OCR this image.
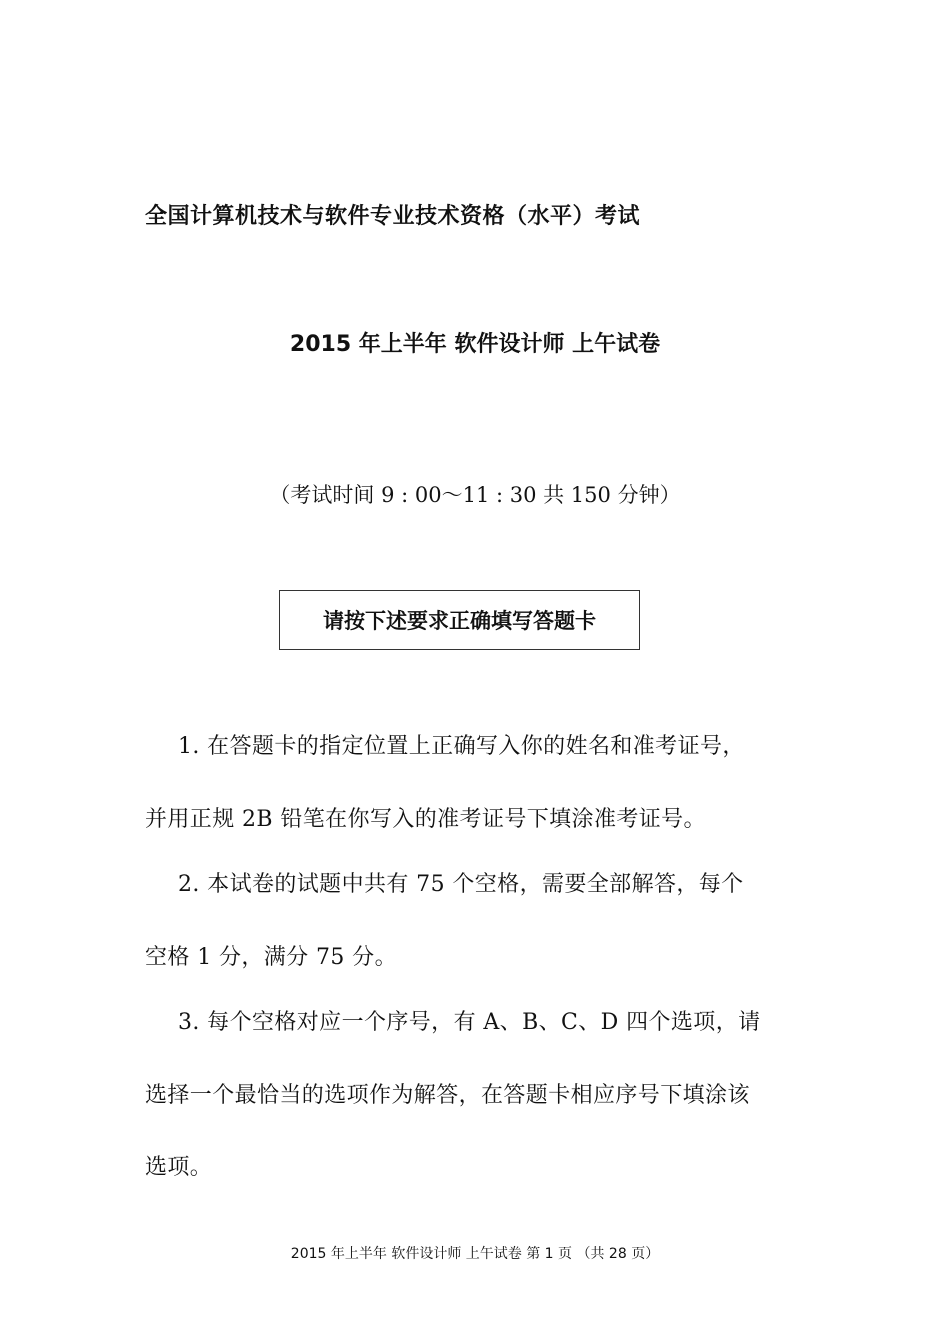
全国计算机技术与软件专业技术资格（水平）考试
2015 年上半年 软件设计师 上午试卷
（考试时间 9 : 00～11 : 30 共 150 分钟）
请按下述要求正确填写答题卡
1. 在答题卡的指定位置上正确写入你的姓名和准考证号，
并用正规 2B 铅笔在你写入的准考证号下填涂准考证号。
2. 本试卷的试题中共有 75 个空格，需要全部解答，每个
空格 1 分，满分 75 分。
3. 每个空格对应一个序号，有 A、B、C、D 四个选项，请
选择一个最恰当的选项作为解答，在答题卡相应序号下填涂该
选项。
2015 年上半年 软件设计师 上午试卷 第 1 页 （共 28 页）
